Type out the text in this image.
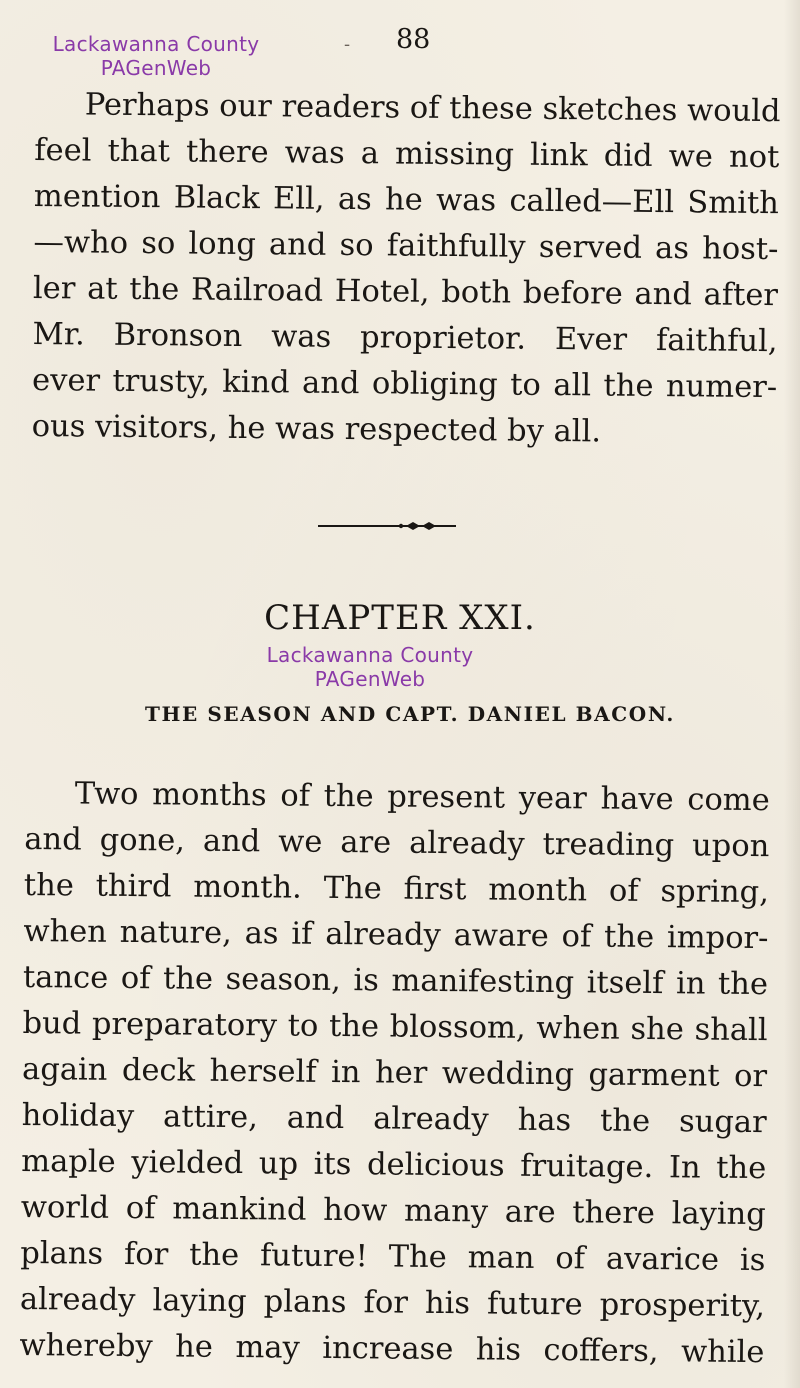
Lackawanna County
PAGenWeb
- 88
Perhaps our readers of these sketches would
feel that there was a missing link did we not
mention Black Ell, as he was called—Ell Smith
—who so long and so faithfully served as host-
ler at the Railroad Hotel, both before and after
Mr. Bronson was proprietor. Ever faithful,
ever trusty, kind and obliging to all the numer-
ous visitors, he was respected by all.
CHAPTER XXI.
Lackawanna County
PAGenWeb
THE SEASON AND CAPT. DANIEL BACON.
Two months of the present year have come
and gone, and we are already treading upon
the third month. The first month of spring,
when nature, as if already aware of the impor-
tance of the season, is manifesting itself in the
bud preparatory to the blossom, when she shall
again deck herself in her wedding garment or
holiday attire, and already has the sugar
maple yielded up its delicious fruitage. In the
world of mankind how many are there laying
plans for the future! The man of avarice is
already laying plans for his future prosperity,
whereby he may increase his coffers, while
